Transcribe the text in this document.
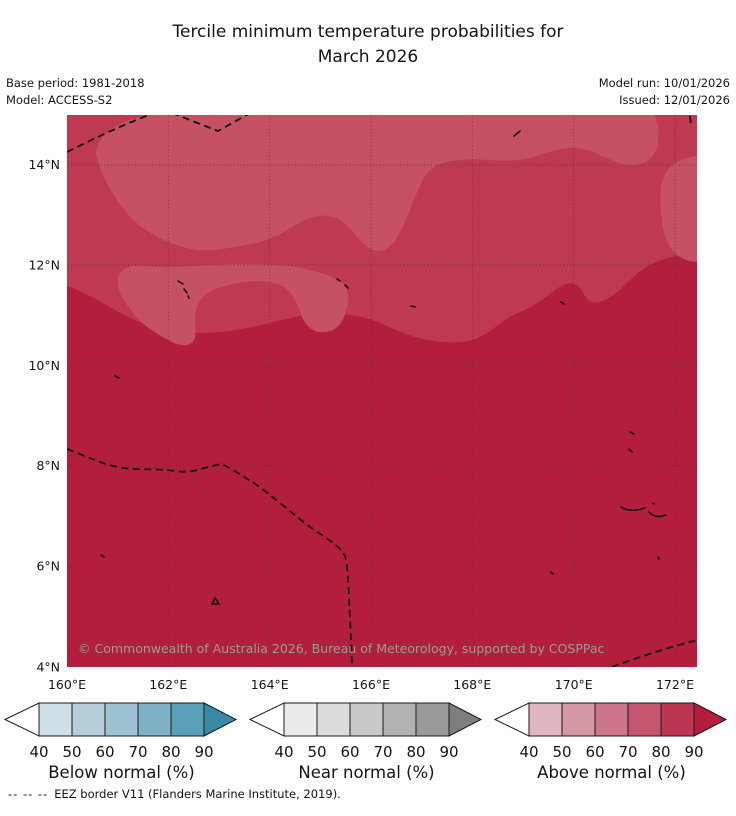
Tercile minimum temperature probabilities for
March 2026
Base period: 1981-2018
Model: ACCESS-S2
Model run: 10/01/2026
Issued: 12/01/2026
© Commonwealth of Australia 2026, Bureau of Meteorology, supported by COSPPac
160°E	162°E	164°E	166°E	168°E	170°E	172°E
14°N
12°N
10°N
8°N
6°N
4°N
40 50 60 70 80 90
Below normal (%)
40 50 60 70 80 90
Near normal (%)
40 50 60 70 80 90
Above normal (%)
-- -- -- EEZ border V11 (Flanders Marine Institute, 2019).
